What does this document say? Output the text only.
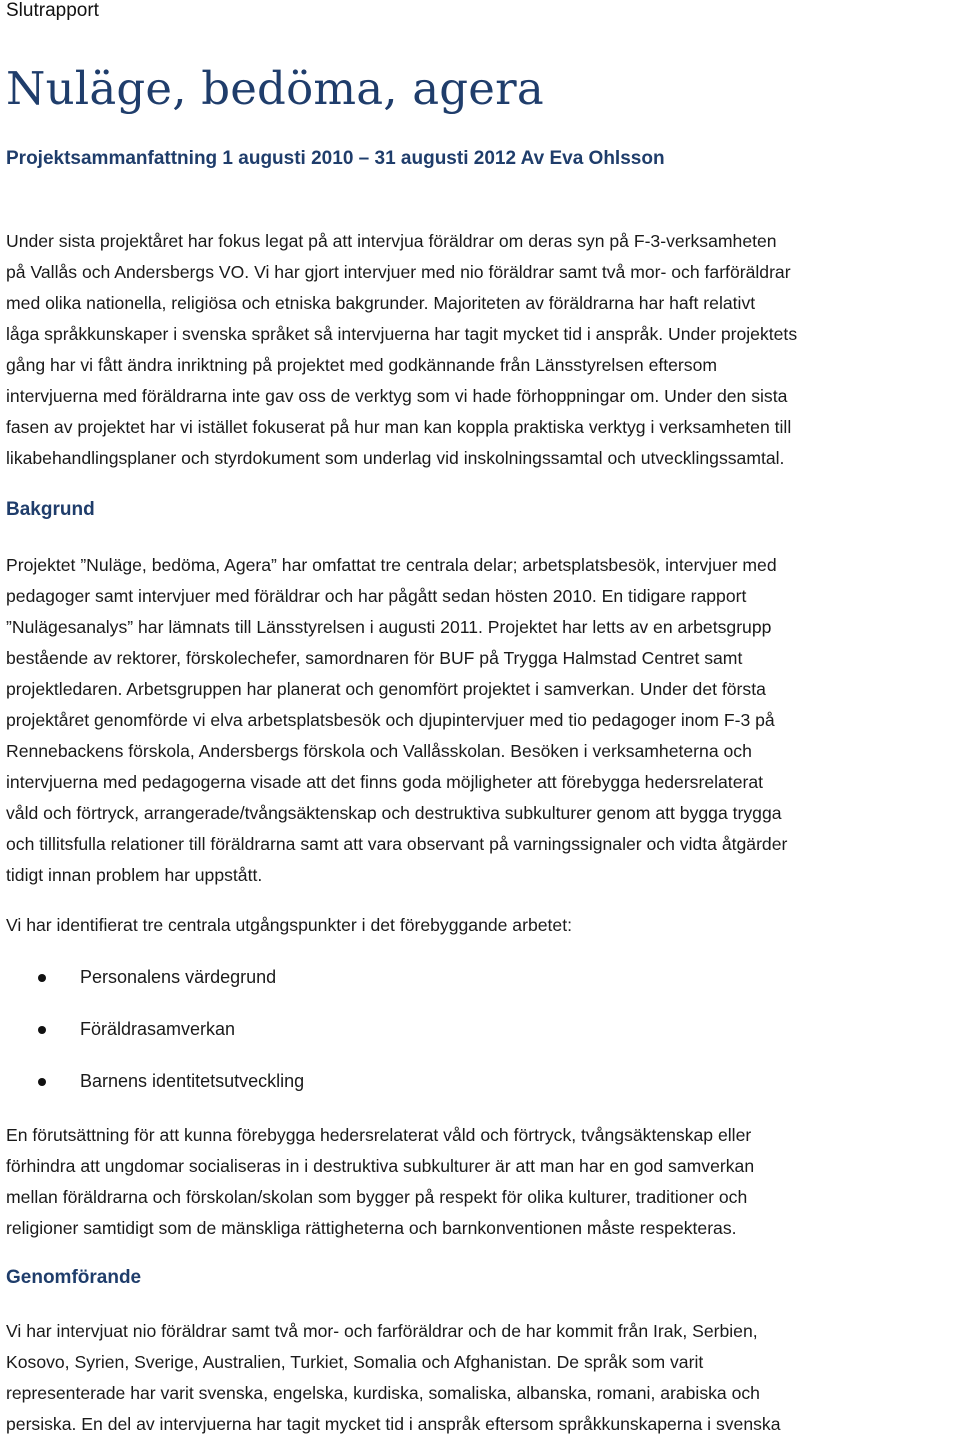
Slutrapport
Nuläge, bedöma, agera

Projektsammanfattning 1 augusti 2010 – 31 augusti 2012 Av Eva Ohlsson

Under sista projektåret har fokus legat på att intervjua föräldrar om deras syn på F-3-verksamheten
på Vallås och Andersbergs VO. Vi har gjort intervjuer med nio föräldrar samt två mor- och farföräldrar
med olika nationella, religiösa och etniska bakgrunder. Majoriteten av föräldrarna har haft relativt
låga språkkunskaper i svenska språket så intervjuerna har tagit mycket tid i anspråk. Under projektets
gång har vi fått ändra inriktning på projektet med godkännande från Länsstyrelsen eftersom
intervjuerna med föräldrarna inte gav oss de verktyg som vi hade förhoppningar om. Under den sista
fasen av projektet har vi istället fokuserat på hur man kan koppla praktiska verktyg i verksamheten till
likabehandlingsplaner och styrdokument som underlag vid inskolningssamtal och utvecklingssamtal.
Bakgrund
Projektet ”Nuläge, bedöma, Agera” har omfattat tre centrala delar; arbetsplatsbesök, intervjuer med
pedagoger samt intervjuer med föräldrar och har pågått sedan hösten 2010. En tidigare rapport
”Nulägesanalys” har lämnats till Länsstyrelsen i augusti 2011. Projektet har letts av en arbetsgrupp
bestående av rektorer, förskolechefer, samordnaren för BUF på Trygga Halmstad Centret samt
projektledaren. Arbetsgruppen har planerat och genomfört projektet i samverkan. Under det första
projektåret genomförde vi elva arbetsplatsbesök och djupintervjuer med tio pedagoger inom F-3 på
Rennebackens förskola, Andersbergs förskola och Vallåsskolan. Besöken i verksamheterna och
intervjuerna med pedagogerna visade att det finns goda möjligheter att förebygga hedersrelaterat
våld och förtryck, arrangerade/tvångsäktenskap och destruktiva subkulturer genom att bygga trygga
och tillitsfulla relationer till föräldrarna samt att vara observant på varningssignaler och vidta åtgärder
tidigt innan problem har uppstått.
Vi har identifierat tre centrala utgångspunkter i det förebyggande arbetet:
Personalens värdegrund
Föräldrasamverkan
Barnens identitetsutveckling
En förutsättning för att kunna förebygga hedersrelaterat våld och förtryck, tvångsäktenskap eller
förhindra att ungdomar socialiseras in i destruktiva subkulturer är att man har en god samverkan
mellan föräldrarna och förskolan/skolan som bygger på respekt för olika kulturer, traditioner och
religioner samtidigt som de mänskliga rättigheterna och barnkonventionen måste respekteras.
Genomförande
Vi har intervjuat nio föräldrar samt två mor- och farföräldrar och de har kommit från Irak, Serbien,
Kosovo, Syrien, Sverige, Australien, Turkiet, Somalia och Afghanistan. De språk som varit
representerade har varit svenska, engelska, kurdiska, somaliska, albanska, romani, arabiska och
persiska. En del av intervjuerna har tagit mycket tid i anspråk eftersom språkkunskaperna i svenska
